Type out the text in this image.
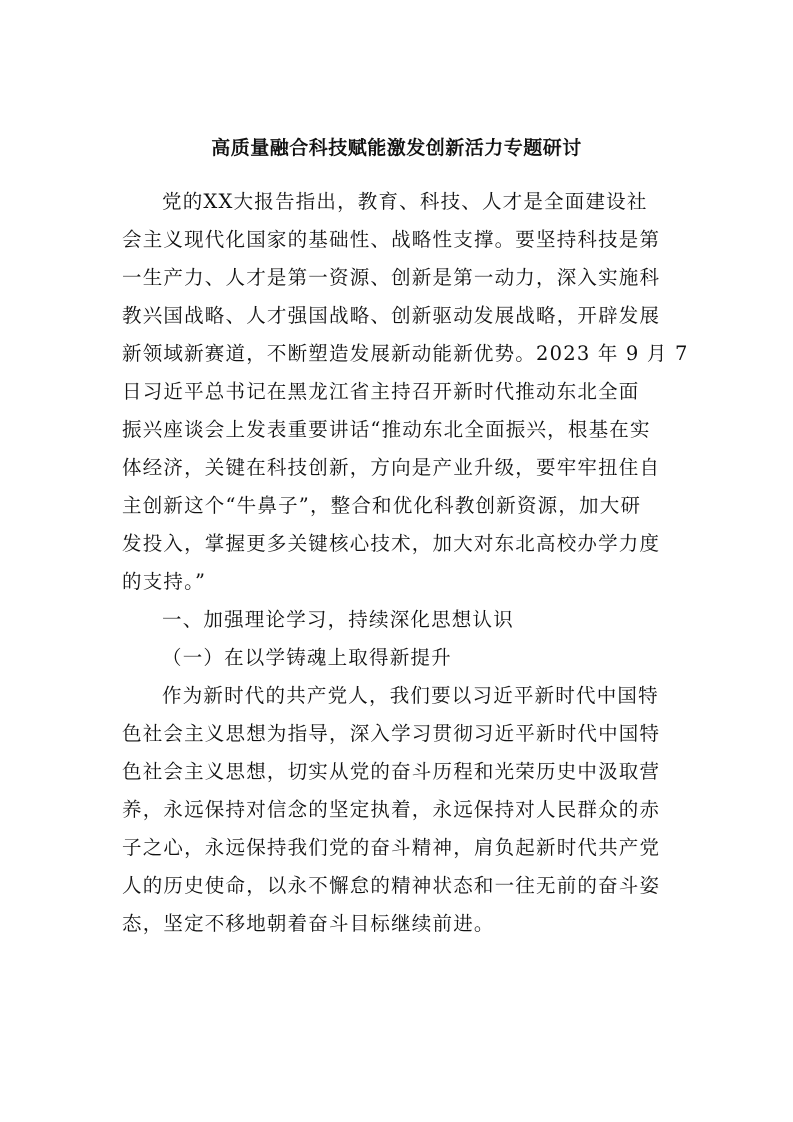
高质量融合科技赋能激发创新活力专题研讨
党的XX大报告指出，教育、科技、人才是全面建设社
会主义现代化国家的基础性、战略性支撑。要坚持科技是第
一生产力、人才是第一资源、创新是第一动力，深入实施科
教兴国战略、人才强国战略、创新驱动发展战略，开辟发展
新领域新赛道，不断塑造发展新动能新优势。2023 年 9 月 7
日习近平总书记在黑龙江省主持召开新时代推动东北全面
振兴座谈会上发表重要讲话“推动东北全面振兴，根基在实
体经济，关键在科技创新，方向是产业升级，要牢牢扭住自
主创新这个“牛鼻子”，整合和优化科教创新资源，加大研
发投入，掌握更多关键核心技术，加大对东北高校办学力度
的支持。”
一、加强理论学习，持续深化思想认识
（一）在以学铸魂上取得新提升
作为新时代的共产党人，我们要以习近平新时代中国特
色社会主义思想为指导，深入学习贯彻习近平新时代中国特
色社会主义思想，切实从党的奋斗历程和光荣历史中汲取营
养，永远保持对信念的坚定执着，永远保持对人民群众的赤
子之心，永远保持我们党的奋斗精神，肩负起新时代共产党
人的历史使命，以永不懈怠的精神状态和一往无前的奋斗姿
态，坚定不移地朝着奋斗目标继续前进。
